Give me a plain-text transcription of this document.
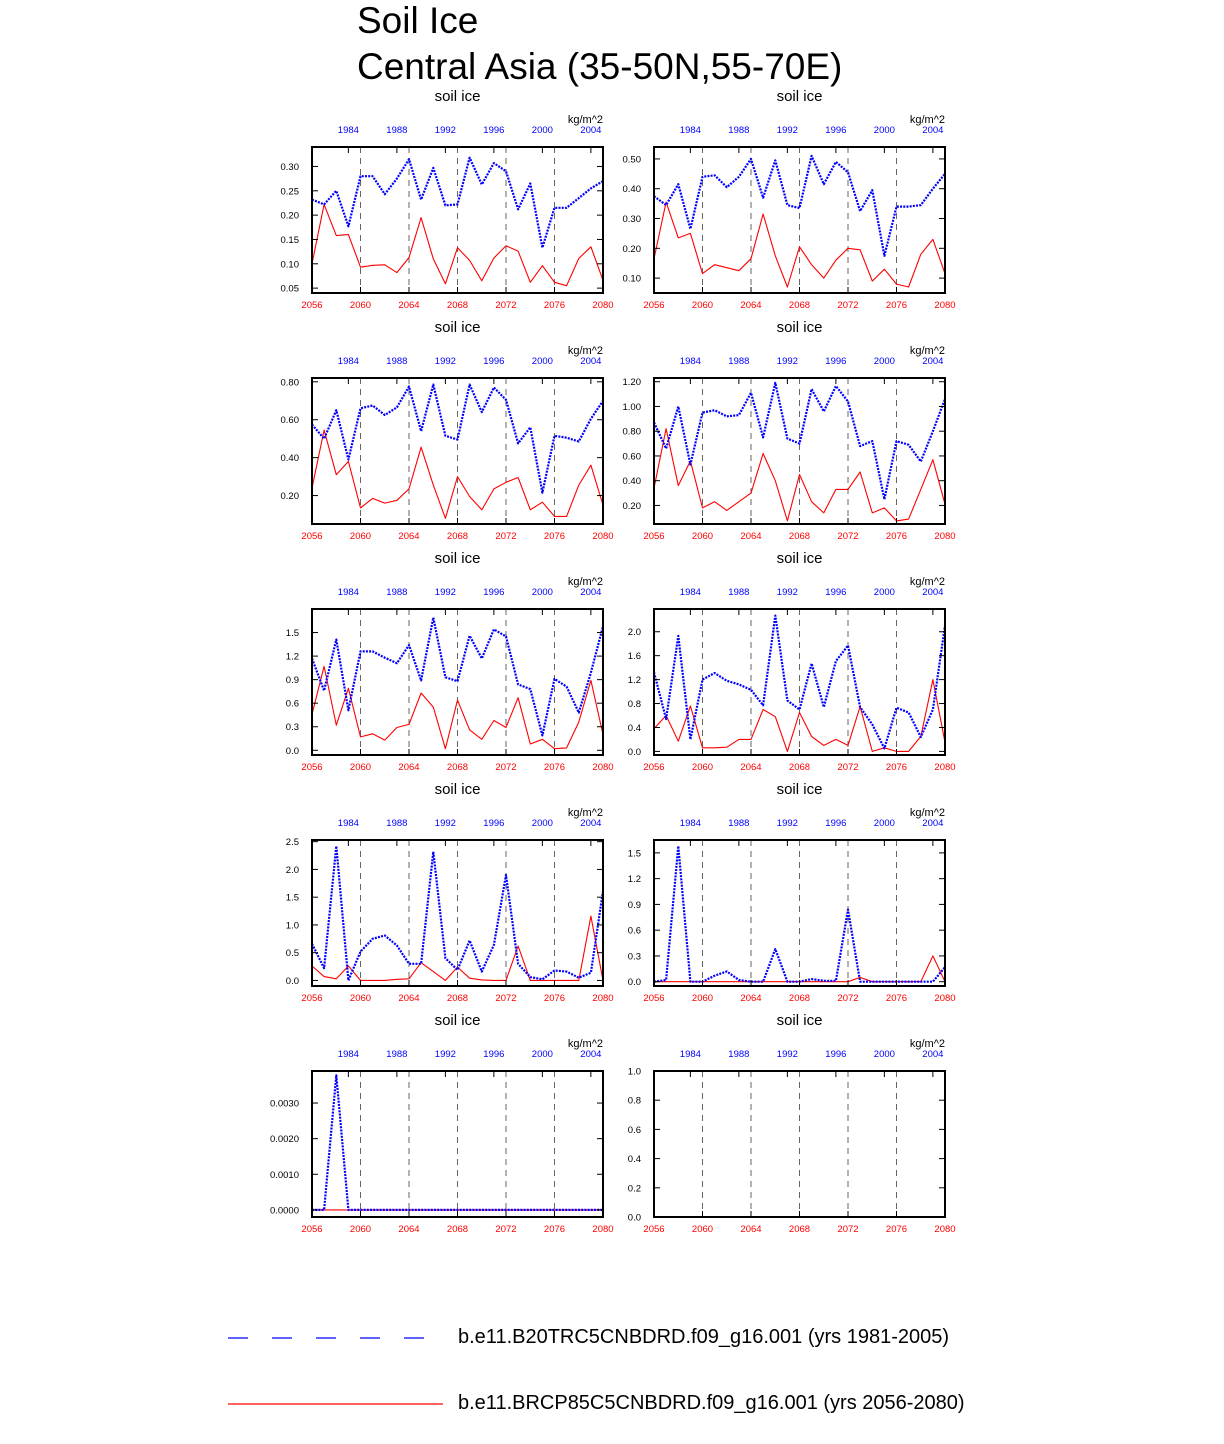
Soil Ice
Central Asia (35-50N,55-70E)
soil ice
kg/m^2
0.05
0.10
0.15
0.20
0.25
0.30
2056	2060	2064	2068	2072	2076	2080
1984	1988	1992	1996	2000	2004
soil ice
kg/m^2
0.10
0.20
0.30
0.40
0.50
2056	2060	2064	2068	2072	2076	2080
1984	1988	1992	1996	2000	2004
soil ice
kg/m^2
0.20
0.40
0.60
0.80
2056	2060	2064	2068	2072	2076	2080
1984	1988	1992	1996	2000	2004
soil ice
kg/m^2
0.20
0.40
0.60
0.80
1.00
1.20
2056	2060	2064	2068	2072	2076	2080
1984	1988	1992	1996	2000	2004
soil ice
kg/m^2
0.0
0.3
0.6
0.9
1.2
1.5
2056	2060	2064	2068	2072	2076	2080
1984	1988	1992	1996	2000	2004
soil ice
kg/m^2
0.0
0.4
0.8
1.2
1.6
2.0
2056	2060	2064	2068	2072	2076	2080
1984	1988	1992	1996	2000	2004
soil ice
kg/m^2
0.0
0.5
1.0
1.5
2.0
2.5
2056	2060	2064	2068	2072	2076	2080
1984	1988	1992	1996	2000	2004
soil ice
kg/m^2
0.0
0.3
0.6
0.9
1.2
1.5
2056	2060	2064	2068	2072	2076	2080
1984	1988	1992	1996	2000	2004
soil ice
kg/m^2
0.0000
0.0010
0.0020
0.0030
2056	2060	2064	2068	2072	2076	2080
1984	1988	1992	1996	2000	2004
soil ice
kg/m^2
0.0
0.2
0.4
0.6
0.8
1.0
2056	2060	2064	2068	2072	2076	2080
1984	1988	1992	1996	2000	2004
b.e11.B20TRC5CNBDRD.f09_g16.001 (yrs 1981-2005)
b.e11.BRCP85C5CNBDRD.f09_g16.001 (yrs 2056-2080)
